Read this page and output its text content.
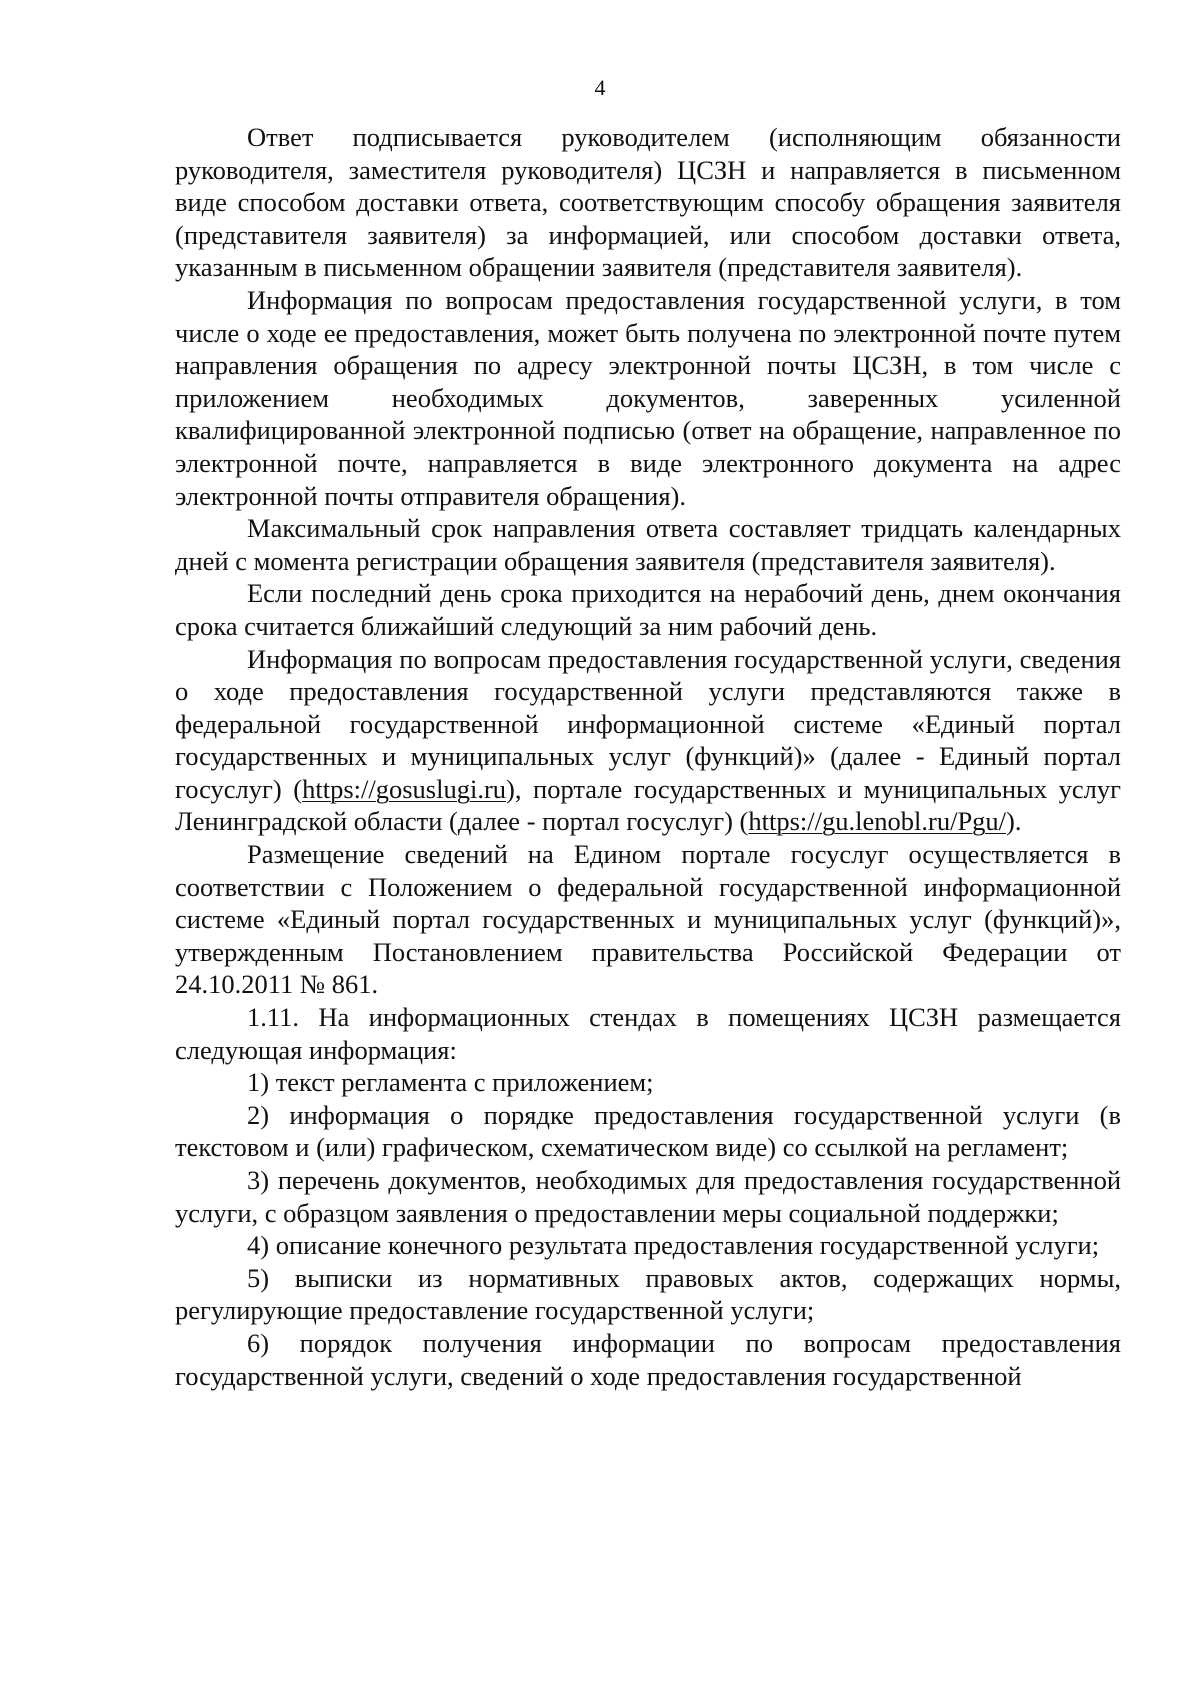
4

Ответ подписывается руководителем (исполняющим обязанности руководителя, заместителя руководителя) ЦСЗН и направляется в письменном виде способом доставки ответа, соответствующим способу обращения заявителя (представителя заявителя) за информацией, или способом доставки ответа, указанным в письменном обращении заявителя (представителя заявителя).

Информация по вопросам предоставления государственной услуги, в том числе о ходе ее предоставления, может быть получена по электронной почте путем направления обращения по адресу электронной почты ЦСЗН, в том числе с приложением необходимых документов, заверенных усиленной квалифицированной электронной подписью (ответ на обращение, направленное по электронной почте, направляется в виде электронного документа на адрес электронной почты отправителя обращения).

Максимальный срок направления ответа составляет тридцать календарных дней с момента регистрации обращения заявителя (представителя заявителя).

Если последний день срока приходится на нерабочий день, днем окончания срока считается ближайший следующий за ним рабочий день.

Информация по вопросам предоставления государственной услуги, сведения о ходе предоставления государственной услуги представляются также в федеральной государственной информационной системе «Единый портал государственных и муниципальных услуг (функций)» (далее - Единый портал госуслуг) (https://gosuslugi.ru), портале государственных и муниципальных услуг Ленинградской области (далее - портал госуслуг) (https://gu.lenobl.ru/Pgu/).

Размещение сведений на Едином портале госуслуг осуществляется в соответствии с Положением о федеральной государственной информационной системе «Единый портал государственных и муниципальных услуг (функций)», утвержденным Постановлением правительства Российской Федерации от 24.10.2011 № 861.

1.11. На информационных стендах в помещениях ЦСЗН размещается следующая информация:

1) текст регламента с приложением;

2) информация о порядке предоставления государственной услуги (в текстовом и (или) графическом, схематическом виде) со ссылкой на регламент;

3) перечень документов, необходимых для предоставления государственной услуги, с образцом заявления о предоставлении меры социальной поддержки;

4) описание конечного результата предоставления государственной услуги;

5) выписки из нормативных правовых актов, содержащих нормы, регулирующие предоставление государственной услуги;

6) порядок получения информации по вопросам предоставления государственной услуги, сведений о ходе предоставления государственной
